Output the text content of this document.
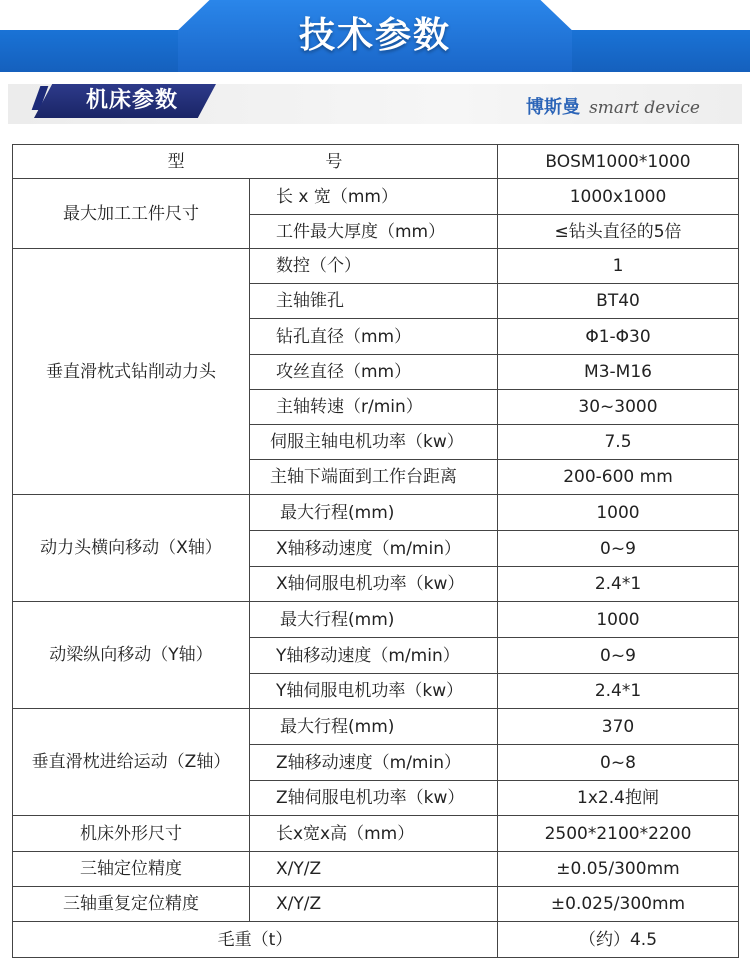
技术参数
机床参数	博斯曼 smart device
型 号		BOSM1000*1000
最大加工工件尺寸	长 x 宽（mm）	1000x1000
	工件最大厚度（mm）	≤钻头直径的5倍
垂直滑枕式钻削动力头	数控（个）	1
	主轴锥孔	BT40
	钻孔直径（mm）	Φ1-Φ30
	攻丝直径（mm）	M3-M16
	主轴转速（r/min）	30~3000
	伺服主轴电机功率（kw）	7.5
	主轴下端面到工作台距离	200-600 mm
动力头横向移动（X轴）	最大行程(mm)	1000
	X轴移动速度（m/min）	0~9
	X轴伺服电机功率（kw）	2.4*1
动梁纵向移动（Y轴）	最大行程(mm)	1000
	Y轴移动速度（m/min）	0~9
	Y轴伺服电机功率（kw）	2.4*1
垂直滑枕进给运动（Z轴）	最大行程(mm)	370
	Z轴移动速度（m/min）	0~8
	Z轴伺服电机功率（kw）	1x2.4抱闸
机床外形尺寸	长x宽x高（mm）	2500*2100*2200
三轴定位精度	X/Y/Z	±0.05/300mm
三轴重复定位精度	X/Y/Z	±0.025/300mm
毛重（t）		（约）4.5
